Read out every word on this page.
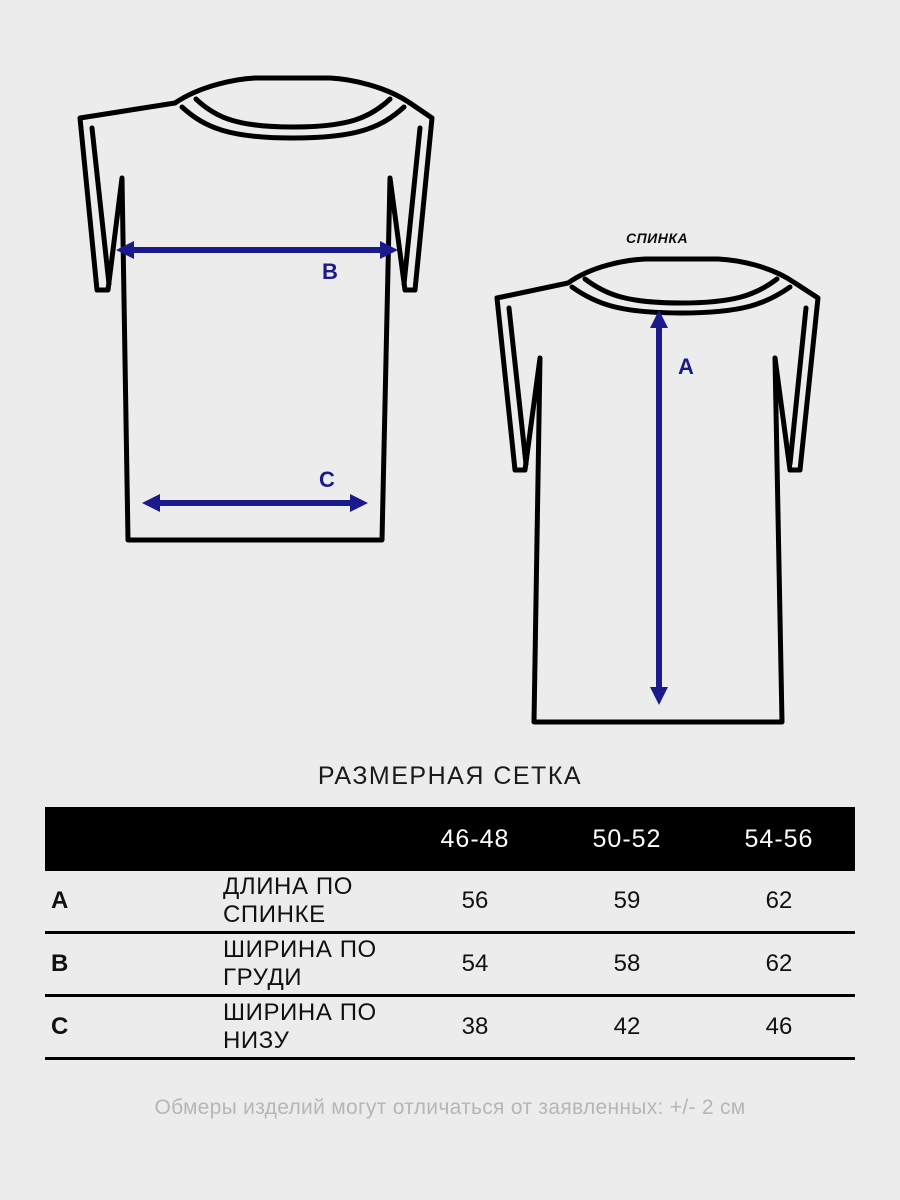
B
C
A
СПИНКА
РАЗМЕРНАЯ СЕТКА
		46-48	50-52	54-56
A	ДЛИНА ПО СПИНКЕ	56	59	62
B	ШИРИНА ПО ГРУДИ	54	58	62
C	ШИРИНА ПО НИЗУ	38	42	46
Обмеры изделий могут отличаться от заявленных: +/- 2 см
